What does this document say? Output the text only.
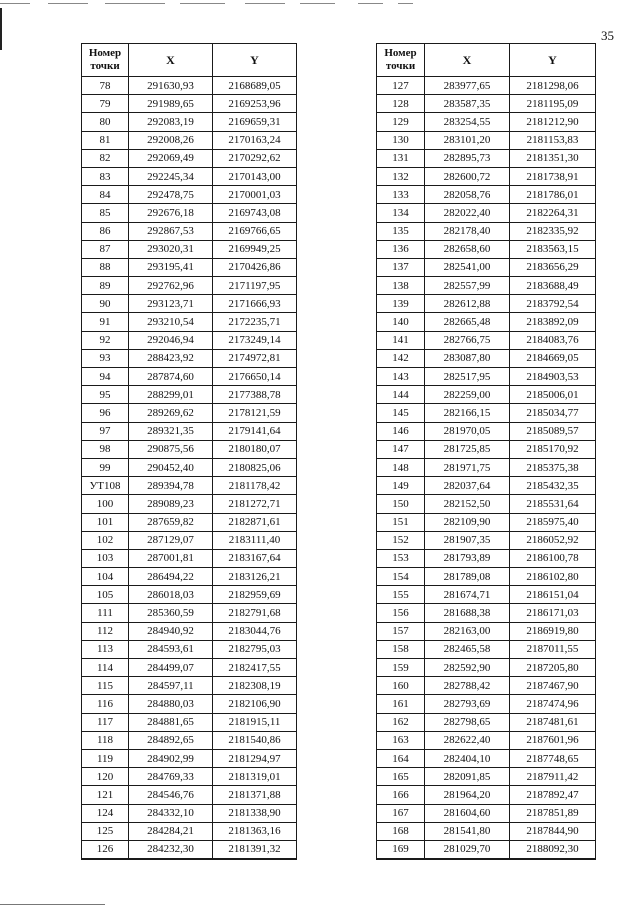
35
Номер
точки	X	Y
78	291630,93	2168689,05
79	291989,65	2169253,96
80	292083,19	2169659,31
81	292008,26	2170163,24
82	292069,49	2170292,62
83	292245,34	2170143,00
84	292478,75	2170001,03
85	292676,18	2169743,08
86	292867,53	2169766,65
87	293020,31	2169949,25
88	293195,41	2170426,86
89	292762,96	2171197,95
90	293123,71	2171666,93
91	293210,54	2172235,71
92	292046,94	2173249,14
93	288423,92	2174972,81
94	287874,60	2176650,14
95	288299,01	2177388,78
96	289269,62	2178121,59
97	289321,35	2179141,64
98	290875,56	2180180,07
99	290452,40	2180825,06
УТ108	289394,78	2181178,42
100	289089,23	2181272,71
101	287659,82	2182871,61
102	287129,07	2183111,40
103	287001,81	2183167,64
104	286494,22	2183126,21
105	286018,03	2182959,69
111	285360,59	2182791,68
112	284940,92	2183044,76
113	284593,61	2182795,03
114	284499,07	2182417,55
115	284597,11	2182308,19
116	284880,03	2182106,90
117	284881,65	2181915,11
118	284892,65	2181540,86
119	284902,99	2181294,97
120	284769,33	2181319,01
121	284546,76	2181371,88
124	284332,10	2181338,90
125	284284,21	2181363,16
126	284232,30	2181391,32
Номер
точки	X	Y
127	283977,65	2181298,06
128	283587,35	2181195,09
129	283254,55	2181212,90
130	283101,20	2181153,83
131	282895,73	2181351,30
132	282600,72	2181738,91
133	282058,76	2181786,01
134	282022,40	2182264,31
135	282178,40	2182335,92
136	282658,60	2183563,15
137	282541,00	2183656,29
138	282557,99	2183688,49
139	282612,88	2183792,54
140	282665,48	2183892,09
141	282766,75	2184083,76
142	283087,80	2184669,05
143	282517,95	2184903,53
144	282259,00	2185006,01
145	282166,15	2185034,77
146	281970,05	2185089,57
147	281725,85	2185170,92
148	281971,75	2185375,38
149	282037,64	2185432,35
150	282152,50	2185531,64
151	282109,90	2185975,40
152	281907,35	2186052,92
153	281793,89	2186100,78
154	281789,08	2186102,80
155	281674,71	2186151,04
156	281688,38	2186171,03
157	282163,00	2186919,80
158	282465,58	2187011,55
159	282592,90	2187205,80
160	282788,42	2187467,90
161	282793,69	2187474,96
162	282798,65	2187481,61
163	282622,40	2187601,96
164	282404,10	2187748,65
165	282091,85	2187911,42
166	281964,20	2187892,47
167	281604,60	2187851,89
168	281541,80	2187844,90
169	281029,70	2188092,30
